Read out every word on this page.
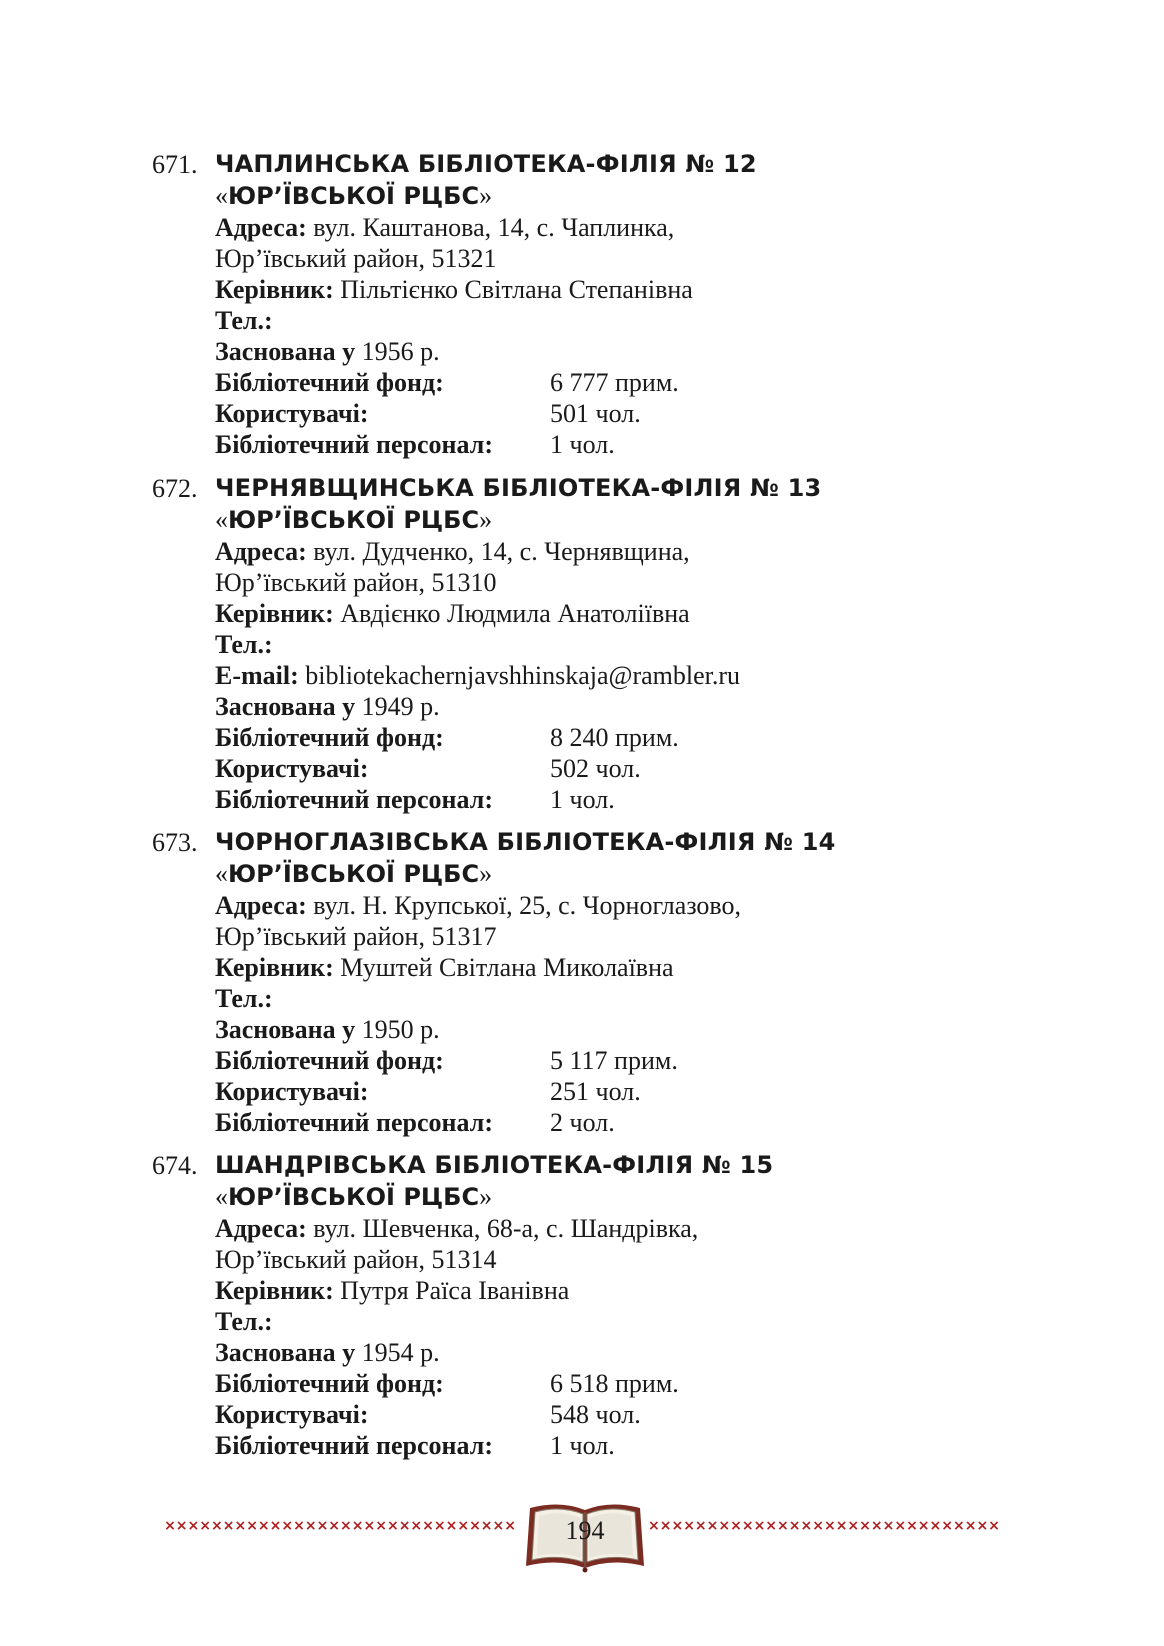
671. ЧАПЛИНСЬКА БІБЛІОТЕКА-ФІЛІЯ № 12
«ЮР’ЇВСЬКОЇ РЦБС»
Адреса: вул. Каштанова, 14, с. Чаплинка,
Юр’ївський район, 51321
Керівник: Пільтієнко Світлана Степанівна
Тел.:
Заснована у 1956 р.
Бібліотечний фонд:	6 777 прим.
Користувачі:	501 чол.
Бібліотечний персонал: 1 чол.
672. ЧЕРНЯВЩИНСЬКА БІБЛІОТЕКА-ФІЛІЯ № 13
«ЮР’ЇВСЬКОЇ РЦБС»
Адреса: вул. Дудченко, 14, с. Чернявщина,
Юр’ївський район, 51310
Керівник: Авдієнко Людмила Анатоліївна
Тел.:
E-mail: bibliotekachernjavshhinskaja@rambler.ru
Заснована у 1949 р.
Бібліотечний фонд:	8 240 прим.
Користувачі:	502 чол.
Бібліотечний персонал: 1 чол.
673. ЧОРНОГЛАЗІВСЬКА БІБЛІОТЕКА-ФІЛІЯ № 14
«ЮР’ЇВСЬКОЇ РЦБС»
Адреса: вул. Н. Крупської, 25, с. Чорноглазово,
Юр’ївський район, 51317
Керівник: Муштей Світлана Миколаївна
Тел.:
Заснована у 1950 р.
Бібліотечний фонд:	5 117 прим.
Користувачі:	251 чол.
Бібліотечний персонал: 2 чол.
674. ШАНДРІВСЬКА БІБЛІОТЕКА-ФІЛІЯ № 15
«ЮР’ЇВСЬКОЇ РЦБС»
Адреса: вул. Шевченка, 68-а, с. Шандрівка,
Юр’ївський район, 51314
Керівник: Путря Раїса Іванівна
Тел.:
Заснована у 1954 р.
Бібліотечний фонд:	6 518 прим.
Користувачі:	548 чол.
Бібліотечний персонал: 1 чол.
××××××××××××××××××××××××××××××	194	××××××××××××××××××××××××××××××
